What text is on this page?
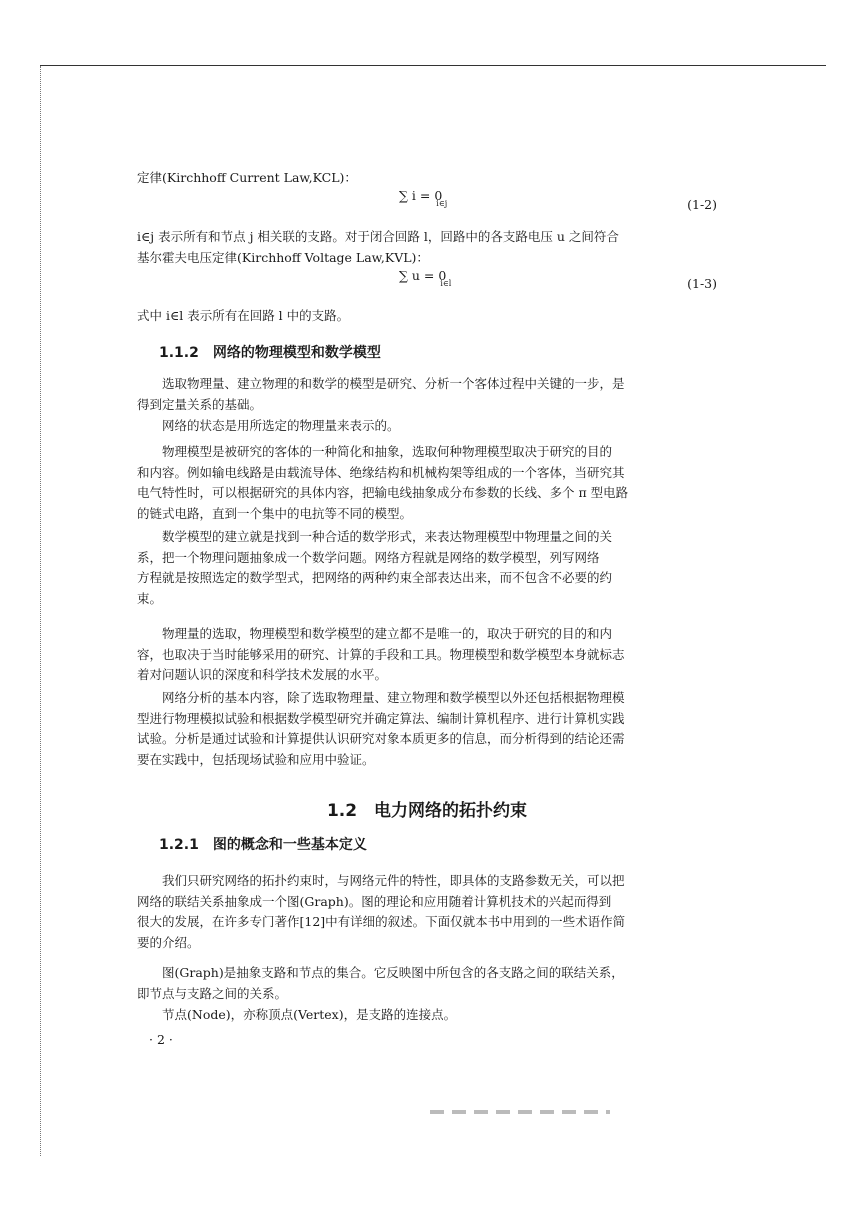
定律(Kirchhoff Current Law,KCL)：
∑ i = 0 $_{i\in j}$	(1-2)
i∈j 表示所有和节点 j 相关联的支路。对于闭合回路 l，回路中的各支路电压 u 之间符合
基尔霍夫电压定律(Kirchhoff Voltage Law,KVL)：
∑ u = 0 $_{i\in l}$	(1-3)
式中 i∈l 表示所有在回路 l 中的支路。
1.1.2　网络的物理模型和数学模型
　　选取物理量、建立物理的和数学的模型是研究、分析一个客体过程中关键的一步，是
得到定量关系的基础。
　　网络的状态是用所选定的物理量来表示的。
　　物理模型是被研究的客体的一种简化和抽象，选取何种物理模型取决于研究的目的
和内容。例如输电线路是由载流导体、绝缘结构和机械构架等组成的一个客体，当研究其
电气特性时，可以根据研究的具体内容，把输电线抽象成分布参数的长线、多个 π 型电路
的链式电路，直到一个集中的电抗等不同的模型。
　　数学模型的建立就是找到一种合适的数学形式，来表达物理模型中物理量之间的关
系，把一个物理问题抽象成一个数学问题。网络方程就是网络的数学模型，列写网络
方程就是按照选定的数学型式，把网络的两种约束全部表达出来，而不包含不必要的约
束。
　　物理量的选取，物理模型和数学模型的建立都不是唯一的，取决于研究的目的和内
容，也取决于当时能够采用的研究、计算的手段和工具。物理模型和数学模型本身就标志
着对问题认识的深度和科学技术发展的水平。
　　网络分析的基本内容，除了选取物理量、建立物理和数学模型以外还包括根据物理模
型进行物理模拟试验和根据数学模型研究并确定算法、编制计算机程序、进行计算机实践
试验。分析是通过试验和计算提供认识研究对象本质更多的信息，而分析得到的结论还需
要在实践中，包括现场试验和应用中验证。
1.2　电力网络的拓扑约束
1.2.1　图的概念和一些基本定义
　　我们只研究网络的拓扑约束时，与网络元件的特性，即具体的支路参数无关，可以把
网络的联结关系抽象成一个图(Graph)。图的理论和应用随着计算机技术的兴起而得到
很大的发展，在许多专门著作[12]中有详细的叙述。下面仅就本书中用到的一些术语作简
要的介绍。
　　图(Graph)是抽象支路和节点的集合。它反映图中所包含的各支路之间的联结关系，
即节点与支路之间的关系。
　　节点(Node)，亦称顶点(Vertex)，是支路的连接点。
· 2 ·
